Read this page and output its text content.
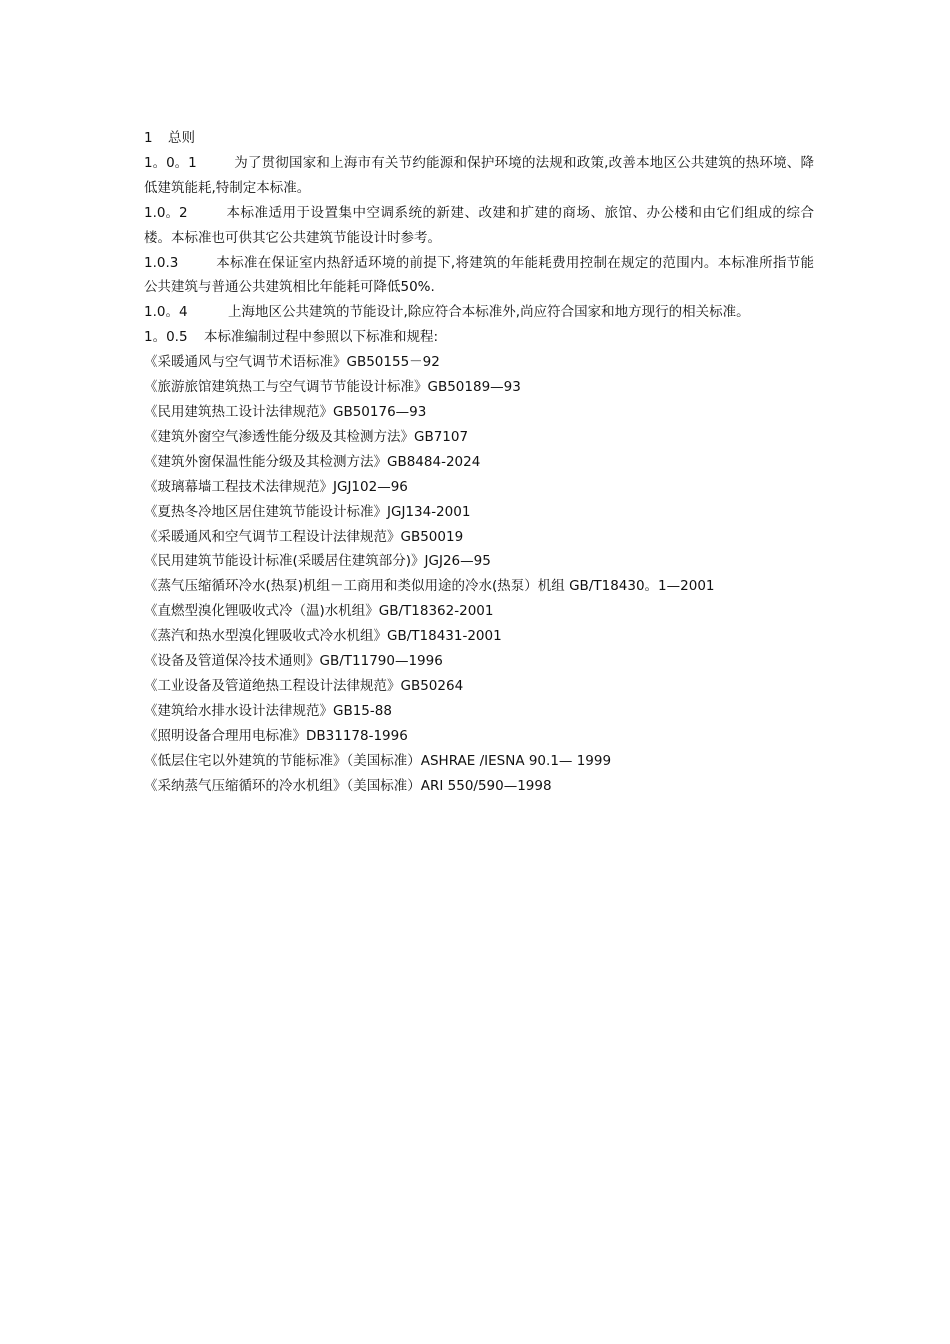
1 总则

1。0。1	为了贯彻国家和上海市有关节约能源和保护环境的法规和政策,改善本地区公共建筑的热环境、降低建筑能耗,特制定本标准。

1.0。2	本标准适用于设置集中空调系统的新建、改建和扩建的商场、旅馆、办公楼和由它们组成的综合楼。本标准也可供其它公共建筑节能设计时参考。

1.0.3	本标准在保证室内热舒适环境的前提下,将建筑的年能耗费用控制在规定的范围内。本标准所指节能公共建筑与普通公共建筑相比年能耗可降低50%.

1.0。4	上海地区公共建筑的节能设计,除应符合本标准外,尚应符合国家和地方现行的相关标准。

1。0.5 本标准编制过程中参照以下标准和规程:

《采暖通风与空气调节术语标准》GB50155－92

《旅游旅馆建筑热工与空气调节节能设计标准》GB50189—93

《民用建筑热工设计法律规范》GB50176—93

《建筑外窗空气渗透性能分级及其检测方法》GB7107

《建筑外窗保温性能分级及其检测方法》GB8484-2024

《玻璃幕墙工程技术法律规范》JGJ102—96

《夏热冬冷地区居住建筑节能设计标准》JGJ134-2001

《采暖通风和空气调节工程设计法律规范》GB50019

《民用建筑节能设计标准(采暖居住建筑部分)》JGJ26—95

《蒸气压缩循环冷水(热泵)机组－工商用和类似用途的冷水(热泵）机组 GB/T18430。1—2001

《直燃型溴化锂吸收式冷（温)水机组》GB/T18362-2001

《蒸汽和热水型溴化锂吸收式冷水机组》GB/T18431-2001

《设备及管道保冷技术通则》GB/T11790—1996

《工业设备及管道绝热工程设计法律规范》GB50264

《建筑给水排水设计法律规范》GB15-88

《照明设备合理用电标准》DB31178-1996

《低层住宅以外建筑的节能标准》（美国标准）ASHRAE /IESNA 90.1— 1999

《采纳蒸气压缩循环的冷水机组》（美国标准）ARI 550/590—1998
